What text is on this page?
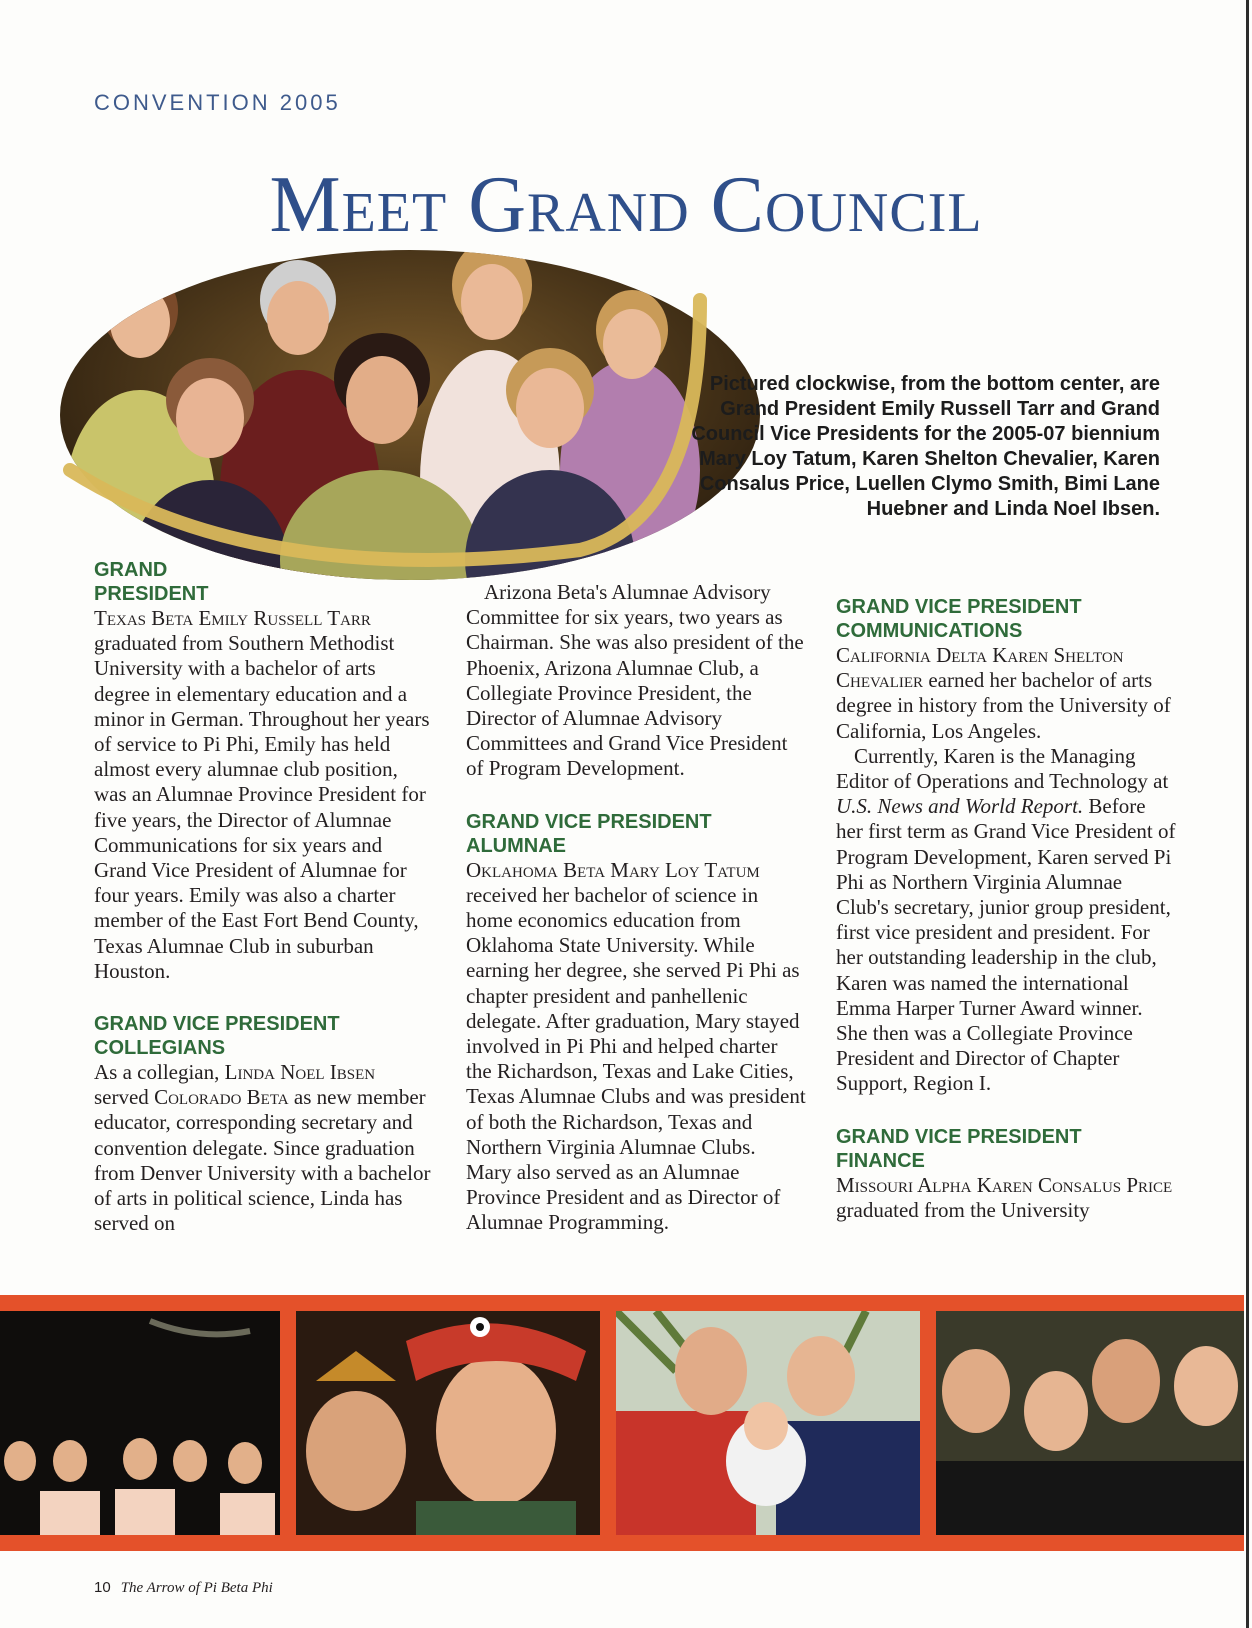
CONVENTION 2005
Meet Grand Council

Pictured clockwise, from the bottom center, are Grand President Emily Russell Tarr and Grand Council Vice Presidents for the 2005-07 biennium Mary Loy Tatum, Karen Shelton Chevalier, Karen Consalus Price, Luellen Clymo Smith, Bimi Lane Huebner and Linda Noel Ibsen.

GRAND PRESIDENT

Texas Beta Emily Russell Tarr graduated from Southern Methodist University with a bachelor of arts degree in elementary education and a minor in German. Throughout her years of service to Pi Phi, Emily has held almost every alumnae club position, was an Alumnae Province President for five years, the Director of Alumnae Communications for six years and Grand Vice President of Alumnae for four years. Emily was also a charter member of the East Fort Bend County, Texas Alumnae Club in suburban Houston.

GRAND VICE PRESIDENT COLLEGIANS

As a collegian, Linda Noel Ibsen served Colorado Beta as new member educator, corresponding secretary and convention delegate. Since graduation from Denver University with a bachelor of arts in political science, Linda has served on

Arizona Beta's Alumnae Advisory Committee for six years, two years as Chairman. She was also president of the Phoenix, Arizona Alumnae Club, a Collegiate Province President, the Director of Alumnae Advisory Committees and Grand Vice President of Program Development.

GRAND VICE PRESIDENT ALUMNAE

Oklahoma Beta Mary Loy Tatum received her bachelor of science in home economics education from Oklahoma State University. While earning her degree, she served Pi Phi as chapter president and panhellenic delegate. After graduation, Mary stayed involved in Pi Phi and helped charter the Richardson, Texas and Lake Cities, Texas Alumnae Clubs and was president of both the Richardson, Texas and Northern Virginia Alumnae Clubs. Mary also served as an Alumnae Province President and as Director of Alumnae Programming.

GRAND VICE PRESIDENT COMMUNICATIONS

California Delta Karen Shelton Chevalier earned her bachelor of arts degree in history from the University of California, Los Angeles.

Currently, Karen is the Managing Editor of Operations and Technology at U.S. News and World Report. Before her first term as Grand Vice President of Program Development, Karen served Pi Phi as Northern Virginia Alumnae Club's secretary, junior group president, first vice president and president. For her outstanding leadership in the club, Karen was named the international Emma Harper Turner Award winner. She then was a Collegiate Province President and Director of Chapter Support, Region I.

GRAND VICE PRESIDENT FINANCE

Missouri Alpha Karen Consalus Price graduated from the University

10 The Arrow of Pi Beta Phi
